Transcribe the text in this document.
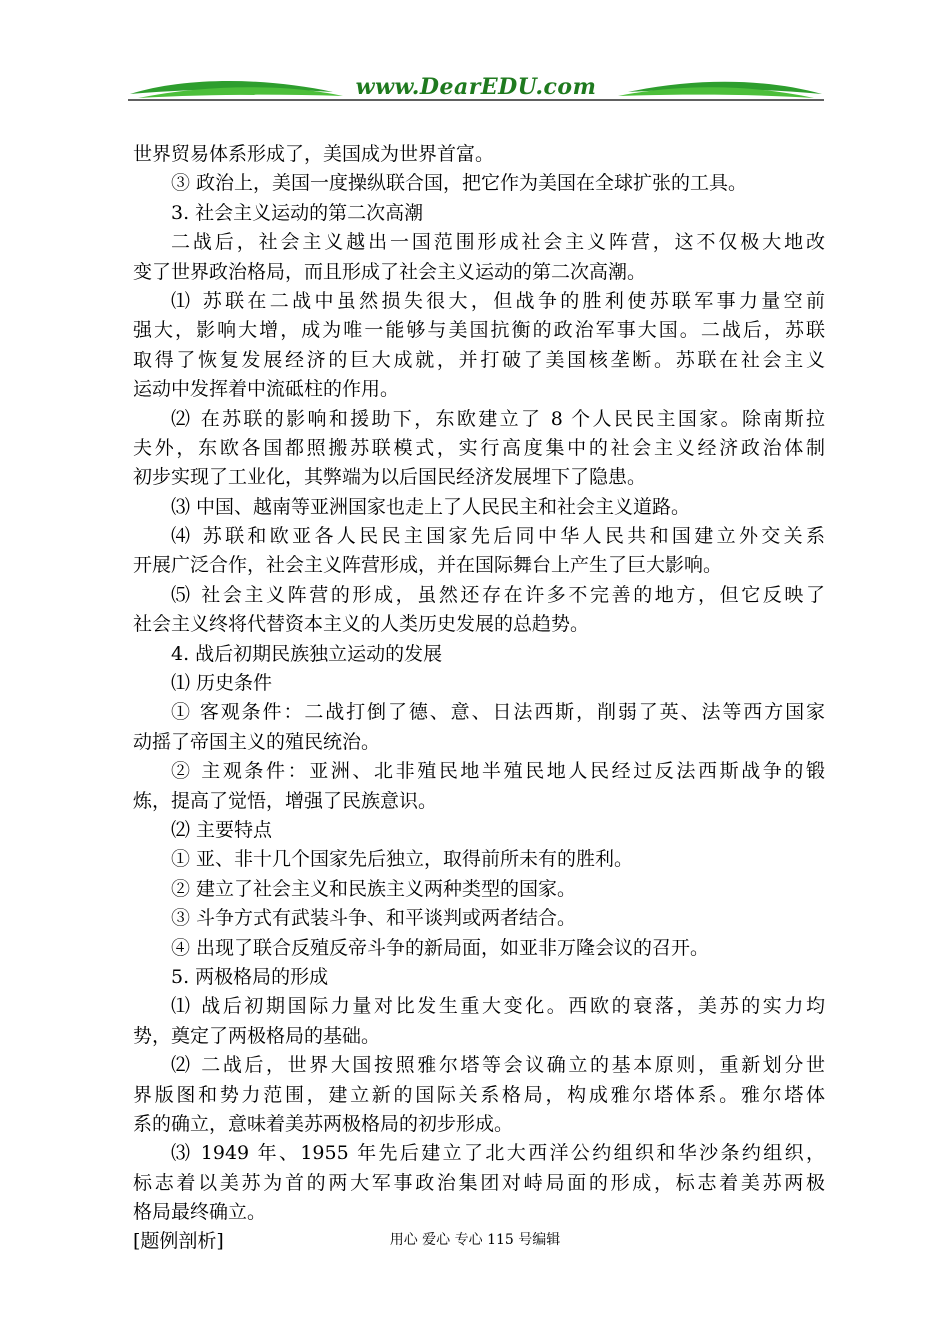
www.DearEDU.com
世界贸易体系形成了，美国成为世界首富。
③ 政治上，美国一度操纵联合国，把它作为美国在全球扩张的工具。
3. 社会主义运动的第二次高潮
二战后，社会主义越出一国范围形成社会主义阵营，这不仅极大地改
变了世界政治格局，而且形成了社会主义运动的第二次高潮。
⑴ 苏联在二战中虽然损失很大，但战争的胜利使苏联军事力量空前
强大，影响大增，成为唯一能够与美国抗衡的政治军事大国。二战后，苏联
取得了恢复发展经济的巨大成就，并打破了美国核垄断。苏联在社会主义
运动中发挥着中流砥柱的作用。
⑵ 在苏联的影响和援助下，东欧建立了 8 个人民民主国家。除南斯拉
夫外，东欧各国都照搬苏联模式，实行高度集中的社会主义经济政治体制
初步实现了工业化，其弊端为以后国民经济发展埋下了隐患。
⑶ 中国、越南等亚洲国家也走上了人民民主和社会主义道路。
⑷ 苏联和欧亚各人民民主国家先后同中华人民共和国建立外交关系
开展广泛合作，社会主义阵营形成，并在国际舞台上产生了巨大影响。
⑸ 社会主义阵营的形成，虽然还存在许多不完善的地方，但它反映了
社会主义终将代替资本主义的人类历史发展的总趋势。
4. 战后初期民族独立运动的发展
⑴ 历史条件
① 客观条件：二战打倒了德、意、日法西斯，削弱了英、法等西方国家
动摇了帝国主义的殖民统治。
② 主观条件：亚洲、北非殖民地半殖民地人民经过反法西斯战争的锻
炼，提高了觉悟，增强了民族意识。
⑵ 主要特点
① 亚、非十几个国家先后独立，取得前所未有的胜利。
② 建立了社会主义和民族主义两种类型的国家。
③ 斗争方式有武装斗争、和平谈判或两者结合。
④ 出现了联合反殖反帝斗争的新局面，如亚非万隆会议的召开。
5. 两极格局的形成
⑴ 战后初期国际力量对比发生重大变化。西欧的衰落，美苏的实力均
势，奠定了两极格局的基础。
⑵ 二战后，世界大国按照雅尔塔等会议确立的基本原则，重新划分世
界版图和势力范围，建立新的国际关系格局，构成雅尔塔体系。雅尔塔体
系的确立，意味着美苏两极格局的初步形成。
⑶ 1949 年、1955 年先后建立了北大西洋公约组织和华沙条约组织，
标志着以美苏为首的两大军事政治集团对峙局面的形成，标志着美苏两极
格局最终确立。
[题例剖析]	用心 爱心 专心 115 号编辑
